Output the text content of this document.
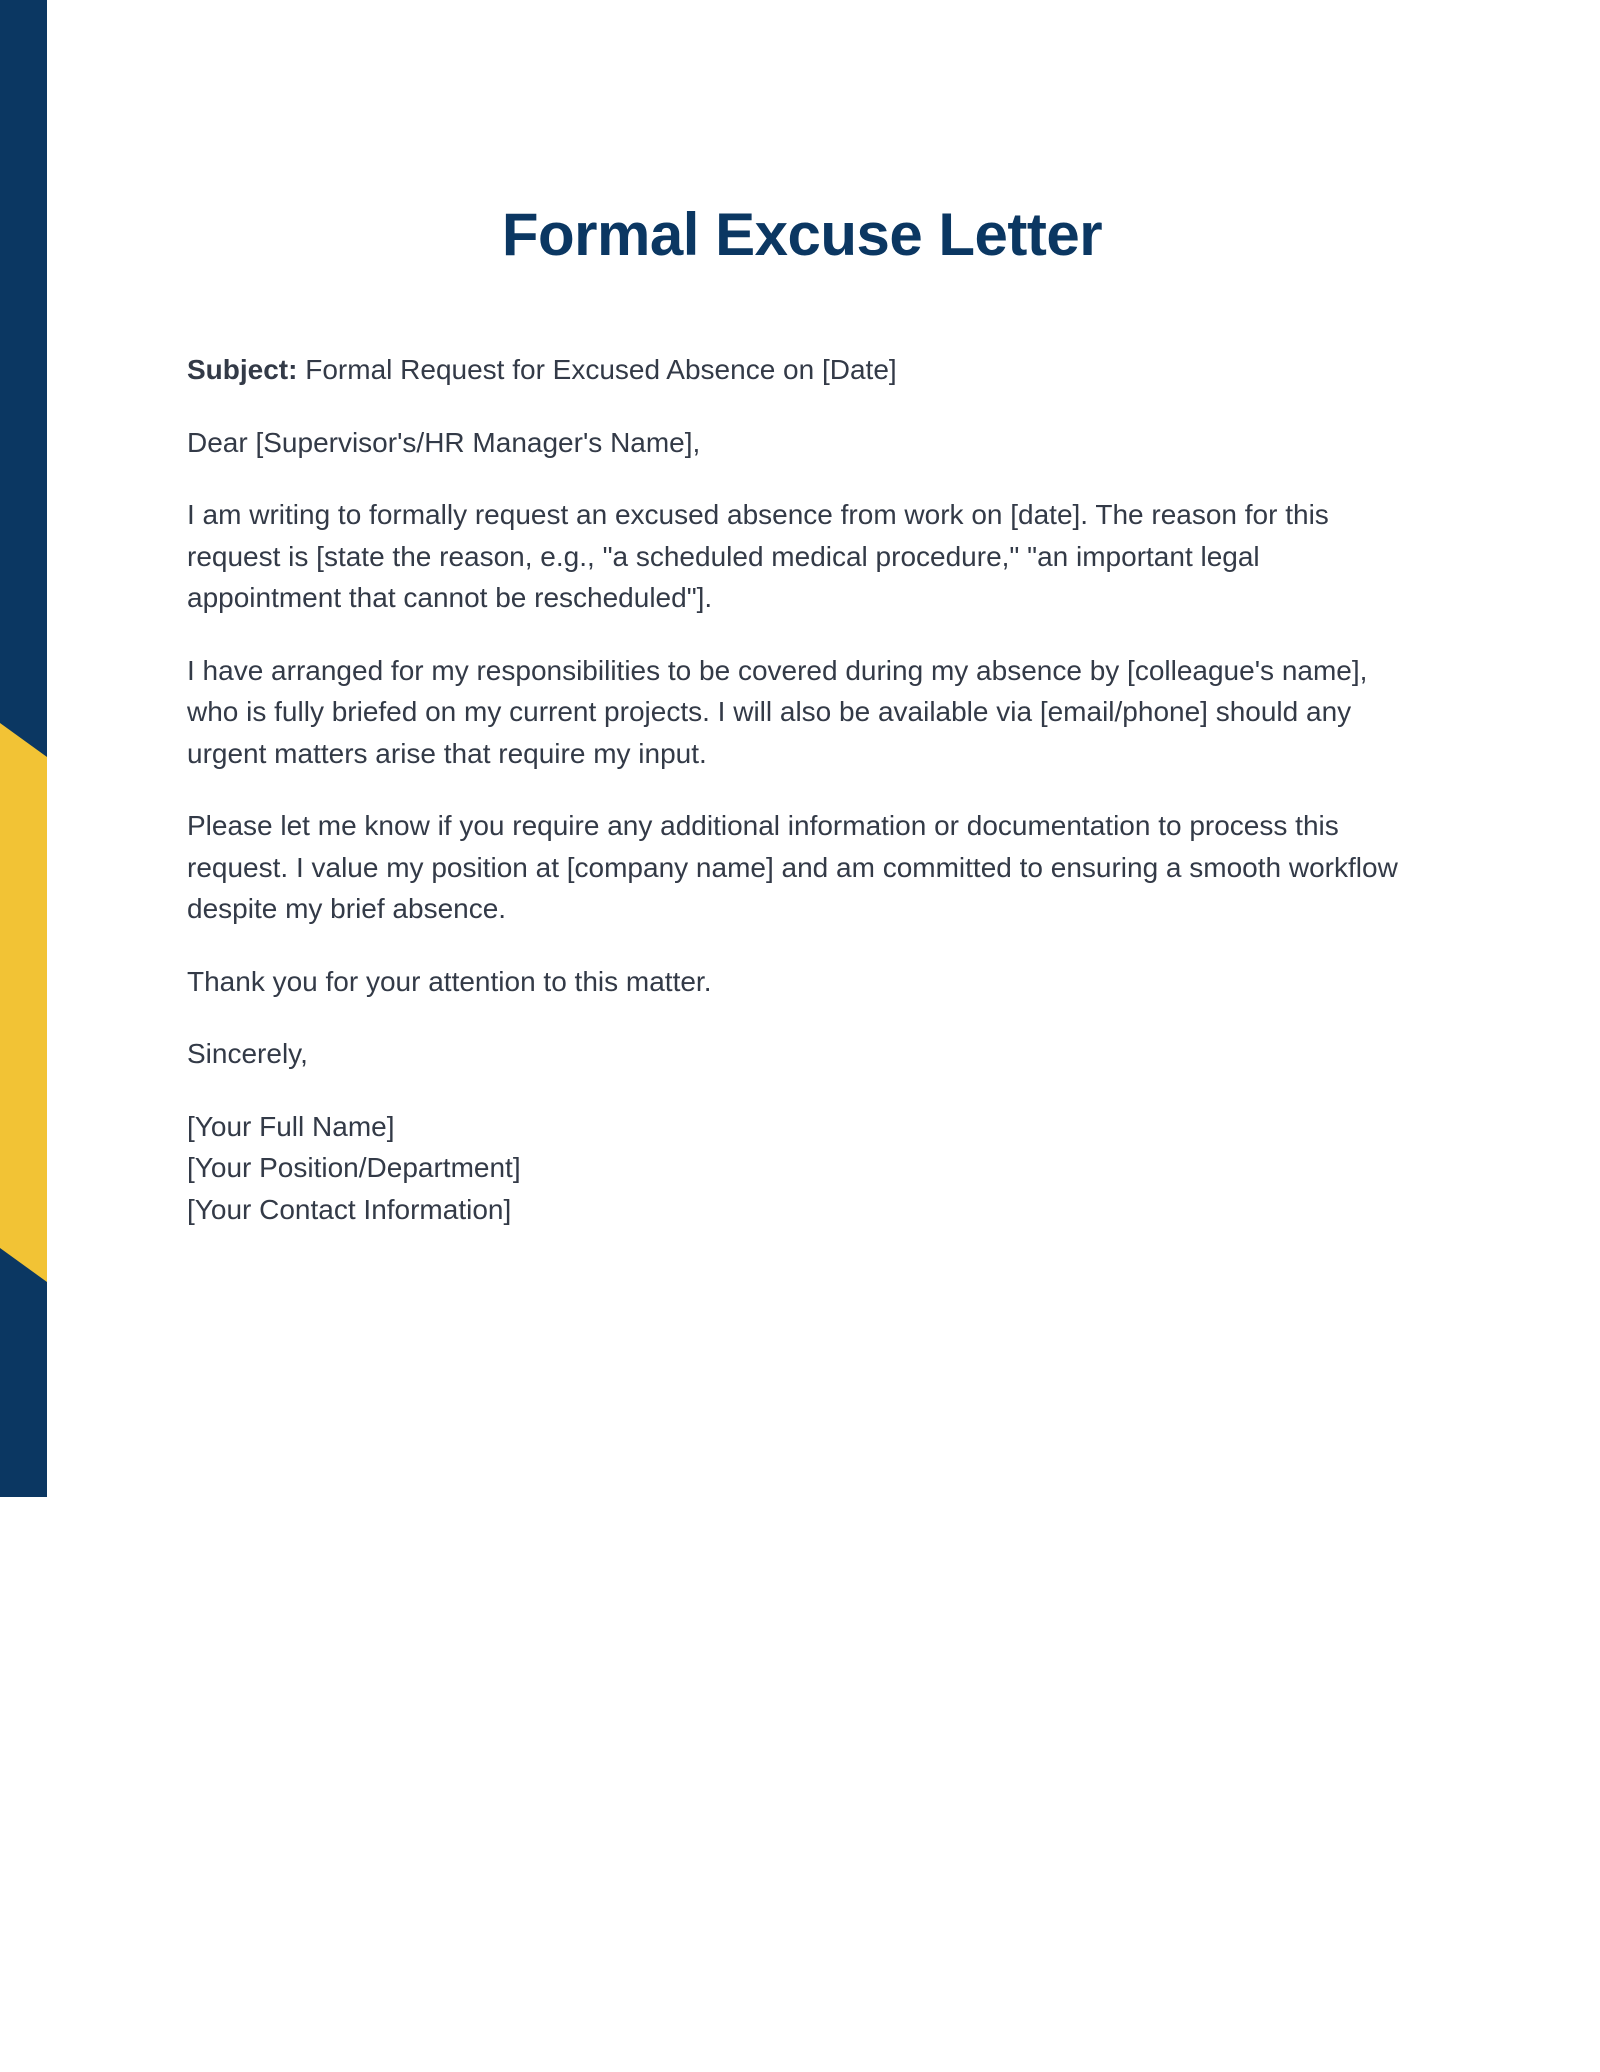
Formal Excuse Letter

Subject: Formal Request for Excused Absence on [Date]

Dear [Supervisor's/HR Manager's Name],

I am writing to formally request an excused absence from work on [date]. The reason for this request is [state the reason, e.g., "a scheduled medical procedure," "an important legal appointment that cannot be rescheduled"].

I have arranged for my responsibilities to be covered during my absence by [colleague's name], who is fully briefed on my current projects. I will also be available via [email/phone] should any urgent matters arise that require my input.

Please let me know if you require any additional information or documentation to process this request. I value my position at [company name] and am committed to ensuring a smooth workflow despite my brief absence.

Thank you for your attention to this matter.

Sincerely,

[Your Full Name]
[Your Position/Department]
[Your Contact Information]
